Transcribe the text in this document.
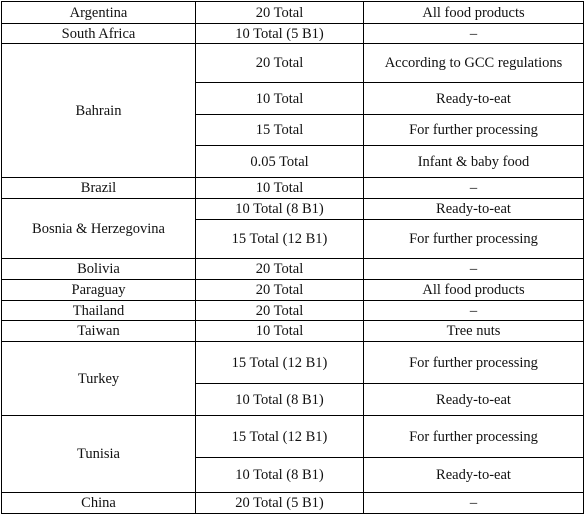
Argentina	20 Total	All food products
South Africa	10 Total (5 B1)	–
Bahrain	20 Total	According to GCC regulations
	10 Total	Ready-to-eat
	15 Total	For further processing
	0.05 Total	Infant & baby food
Brazil	10 Total	–
Bosnia & Herzegovina	10 Total (8 B1)	Ready-to-eat
	15 Total (12 B1)	For further processing
Bolivia	20 Total	–
Paraguay	20 Total	All food products
Thailand	20 Total	–
Taiwan	10 Total	Tree nuts
Turkey	15 Total (12 B1)	For further processing
	10 Total (8 B1)	Ready-to-eat
Tunisia	15 Total (12 B1)	For further processing
	10 Total (8 B1)	Ready-to-eat
China	20 Total (5 B1)	–
